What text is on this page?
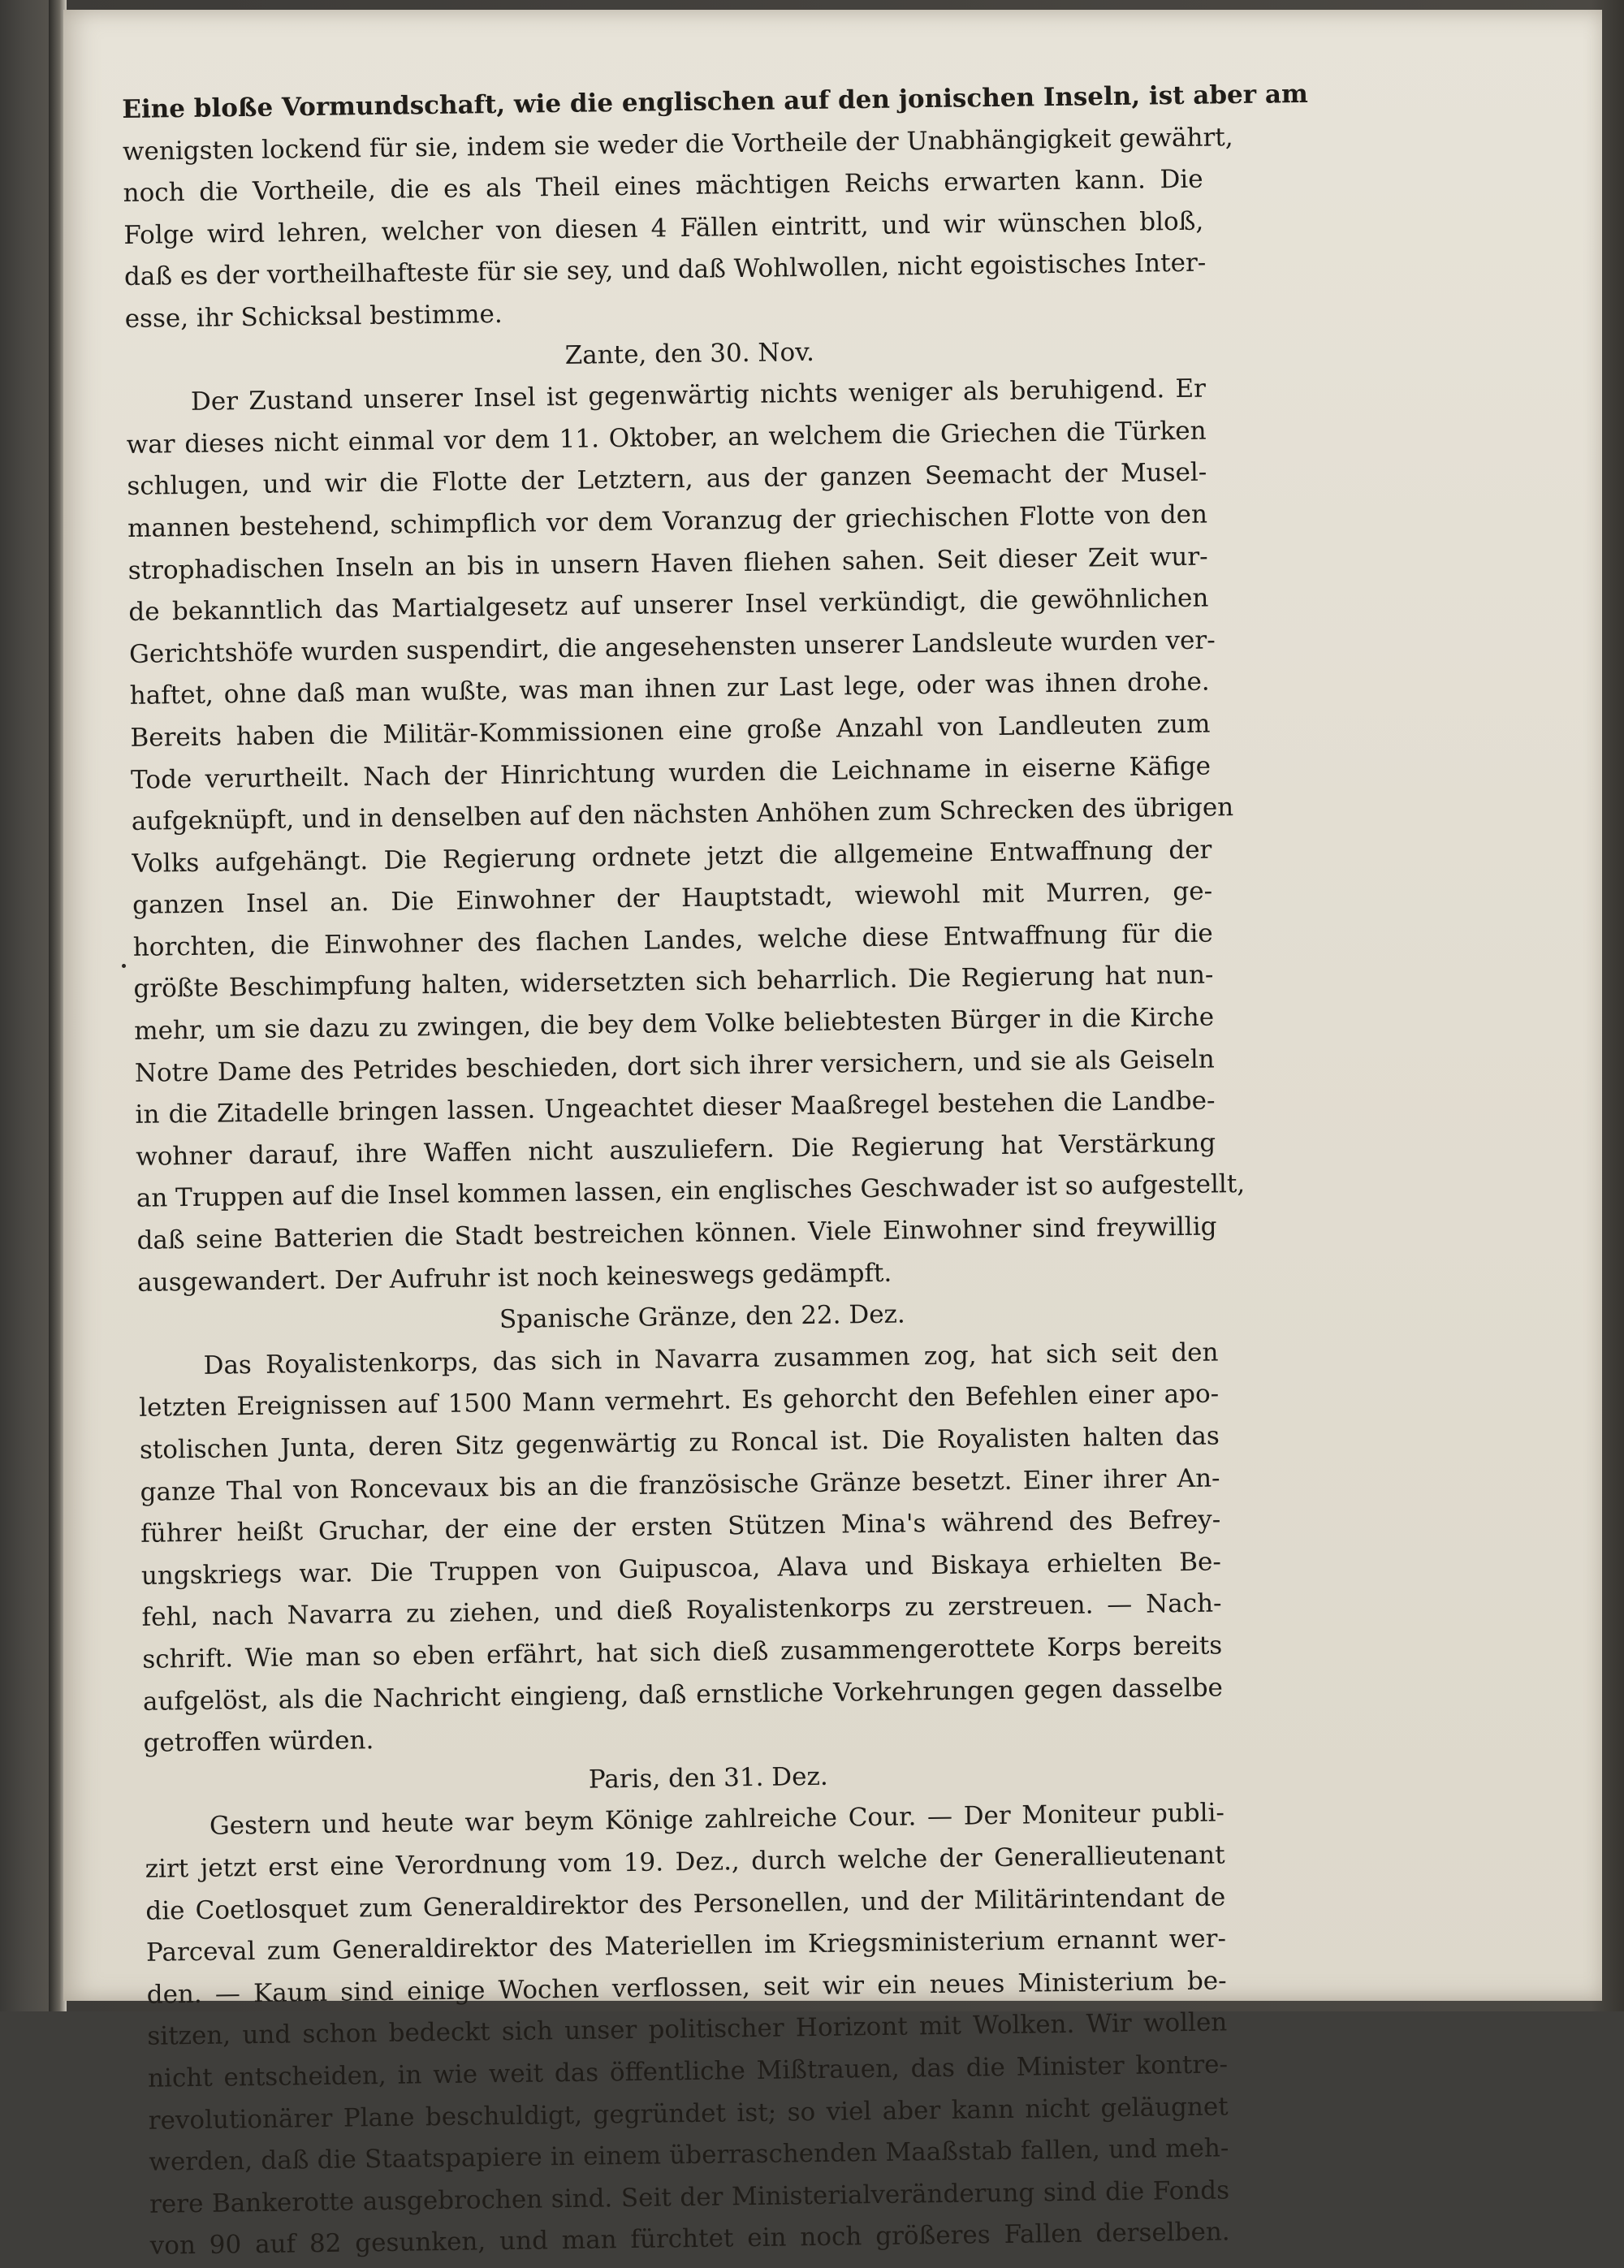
Eine bloße Vormundschaft, wie die englischen auf den jonischen Inseln, ist aber am
wenigsten lockend für sie, indem sie weder die Vortheile der Unabhängigkeit gewährt,
noch die Vortheile, die es als Theil eines mächtigen Reichs erwarten kann. Die
Folge wird lehren, welcher von diesen 4 Fällen eintritt, und wir wünschen bloß,
daß es der vortheilhafteste für sie sey, und daß Wohlwollen, nicht egoistisches Inter-
esse, ihr Schicksal bestimme.
Zante, den 30. Nov.
Der Zustand unserer Insel ist gegenwärtig nichts weniger als beruhigend. Er
war dieses nicht einmal vor dem 11. Oktober, an welchem die Griechen die Türken
schlugen, und wir die Flotte der Letztern, aus der ganzen Seemacht der Musel-
mannen bestehend, schimpflich vor dem Voranzug der griechischen Flotte von den
strophadischen Inseln an bis in unsern Haven fliehen sahen. Seit dieser Zeit wur-
de bekanntlich das Martialgesetz auf unserer Insel verkündigt, die gewöhnlichen
Gerichtshöfe wurden suspendirt, die angesehensten unserer Landsleute wurden ver-
haftet, ohne daß man wußte, was man ihnen zur Last lege, oder was ihnen drohe.
Bereits haben die Militär-Kommissionen eine große Anzahl von Landleuten zum
Tode verurtheilt. Nach der Hinrichtung wurden die Leichname in eiserne Käfige
aufgeknüpft, und in denselben auf den nächsten Anhöhen zum Schrecken des übrigen
Volks aufgehängt. Die Regierung ordnete jetzt die allgemeine Entwaffnung der
ganzen Insel an. Die Einwohner der Hauptstadt, wiewohl mit Murren, ge-
horchten, die Einwohner des flachen Landes, welche diese Entwaffnung für die
größte Beschimpfung halten, widersetzten sich beharrlich. Die Regierung hat nun-
mehr, um sie dazu zu zwingen, die bey dem Volke beliebtesten Bürger in die Kirche
Notre Dame des Petrides beschieden, dort sich ihrer versichern, und sie als Geiseln
in die Zitadelle bringen lassen. Ungeachtet dieser Maaßregel bestehen die Landbe-
wohner darauf, ihre Waffen nicht auszuliefern. Die Regierung hat Verstärkung
an Truppen auf die Insel kommen lassen, ein englisches Geschwader ist so aufgestellt,
daß seine Batterien die Stadt bestreichen können. Viele Einwohner sind freywillig
ausgewandert. Der Aufruhr ist noch keineswegs gedämpft.
Spanische Gränze, den 22. Dez.
Das Royalistenkorps, das sich in Navarra zusammen zog, hat sich seit den
letzten Ereignissen auf 1500 Mann vermehrt. Es gehorcht den Befehlen einer apo-
stolischen Junta, deren Sitz gegenwärtig zu Roncal ist. Die Royalisten halten das
ganze Thal von Roncevaux bis an die französische Gränze besetzt. Einer ihrer An-
führer heißt Gruchar, der eine der ersten Stützen Mina's während des Befrey-
ungskriegs war. Die Truppen von Guipuscoa, Alava und Biskaya erhielten Be-
fehl, nach Navarra zu ziehen, und dieß Royalistenkorps zu zerstreuen. — Nach-
schrift. Wie man so eben erfährt, hat sich dieß zusammengerottete Korps bereits
aufgelöst, als die Nachricht eingieng, daß ernstliche Vorkehrungen gegen dasselbe
getroffen würden.
Paris, den 31. Dez.
Gestern und heute war beym Könige zahlreiche Cour. — Der Moniteur publi-
zirt jetzt erst eine Verordnung vom 19. Dez., durch welche der Generallieutenant
die Coetlosquet zum Generaldirektor des Personellen, und der Militärintendant de
Parceval zum Generaldirektor des Materiellen im Kriegsministerium ernannt wer-
den. — Kaum sind einige Wochen verflossen, seit wir ein neues Ministerium be-
sitzen, und schon bedeckt sich unser politischer Horizont mit Wolken. Wir wollen
nicht entscheiden, in wie weit das öffentliche Mißtrauen, das die Minister kontre-
revolutionärer Plane beschuldigt, gegründet ist; so viel aber kann nicht geläugnet
werden, daß die Staatspapiere in einem überraschenden Maaßstab fallen, und meh-
rere Bankerotte ausgebrochen sind. Seit der Ministerialveränderung sind die Fonds
von 90 auf 82 gesunken, und man fürchtet ein noch größeres Fallen derselben.
